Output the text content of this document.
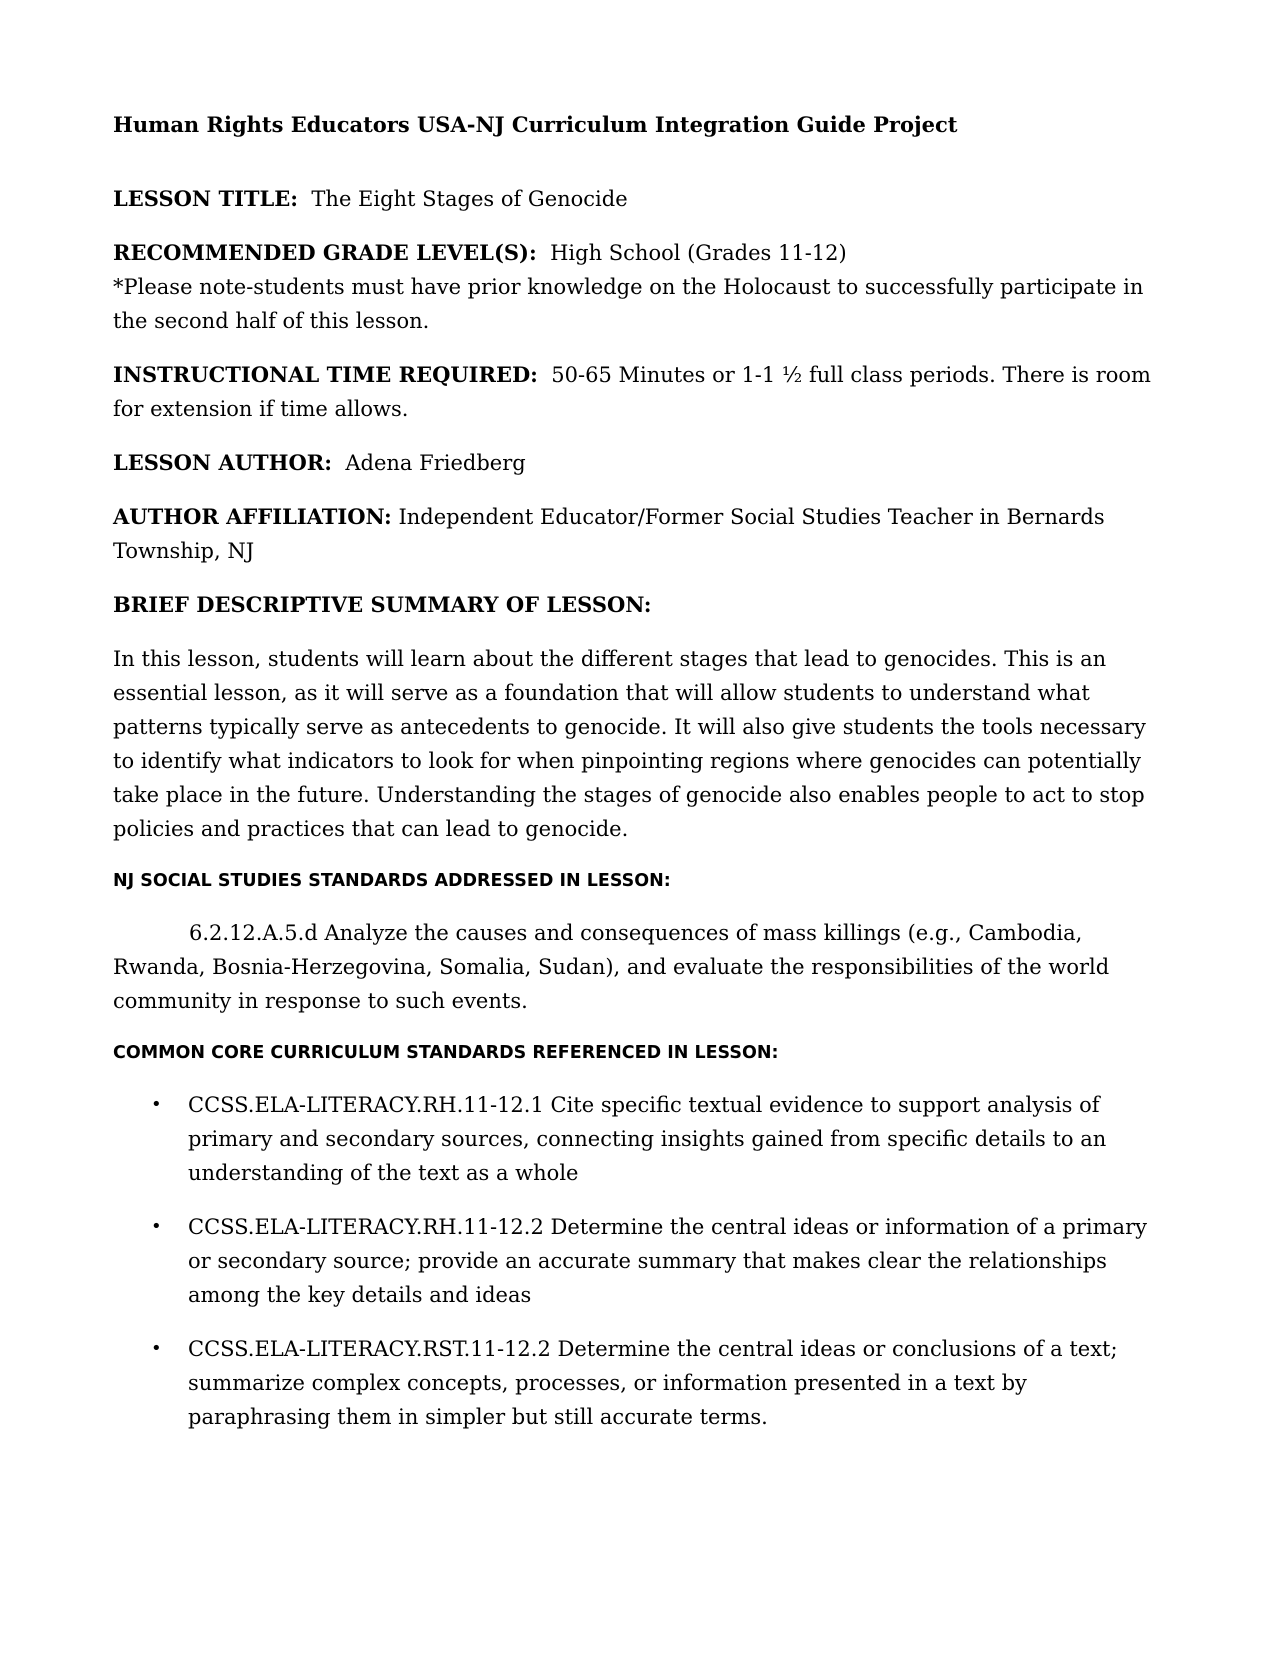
Human Rights Educators USA-NJ Curriculum Integration Guide Project
LESSON TITLE: The Eight Stages of Genocide
RECOMMENDED GRADE LEVEL(S): High School (Grades 11-12)
*Please note-students must have prior knowledge on the Holocaust to successfully participate in the second half of this lesson.
INSTRUCTIONAL TIME REQUIRED: 50-65 Minutes or 1-1 ½ full class periods. There is room for extension if time allows.
LESSON AUTHOR: Adena Friedberg
AUTHOR AFFILIATION: Independent Educator/Former Social Studies Teacher in Bernards Township, NJ
BRIEF DESCRIPTIVE SUMMARY OF LESSON:
In this lesson, students will learn about the different stages that lead to genocides. This is an essential lesson, as it will serve as a foundation that will allow students to understand what patterns typically serve as antecedents to genocide. It will also give students the tools necessary to identify what indicators to look for when pinpointing regions where genocides can potentially take place in the future. Understanding the stages of genocide also enables people to act to stop policies and practices that can lead to genocide.
NJ SOCIAL STUDIES STANDARDS ADDRESSED IN LESSON:
6.2.12.A.5.d Analyze the causes and consequences of mass killings (e.g., Cambodia, Rwanda, Bosnia-Herzegovina, Somalia, Sudan), and evaluate the responsibilities of the world community in response to such events.
COMMON CORE CURRICULUM STANDARDS REFERENCED IN LESSON:
• CCSS.ELA-LITERACY.RH.11-12.1 Cite specific textual evidence to support analysis of primary and secondary sources, connecting insights gained from specific details to an understanding of the text as a whole
• CCSS.ELA-LITERACY.RH.11-12.2 Determine the central ideas or information of a primary or secondary source; provide an accurate summary that makes clear the relationships among the key details and ideas
• CCSS.ELA-LITERACY.RST.11-12.2 Determine the central ideas or conclusions of a text; summarize complex concepts, processes, or information presented in a text by paraphrasing them in simpler but still accurate terms.
